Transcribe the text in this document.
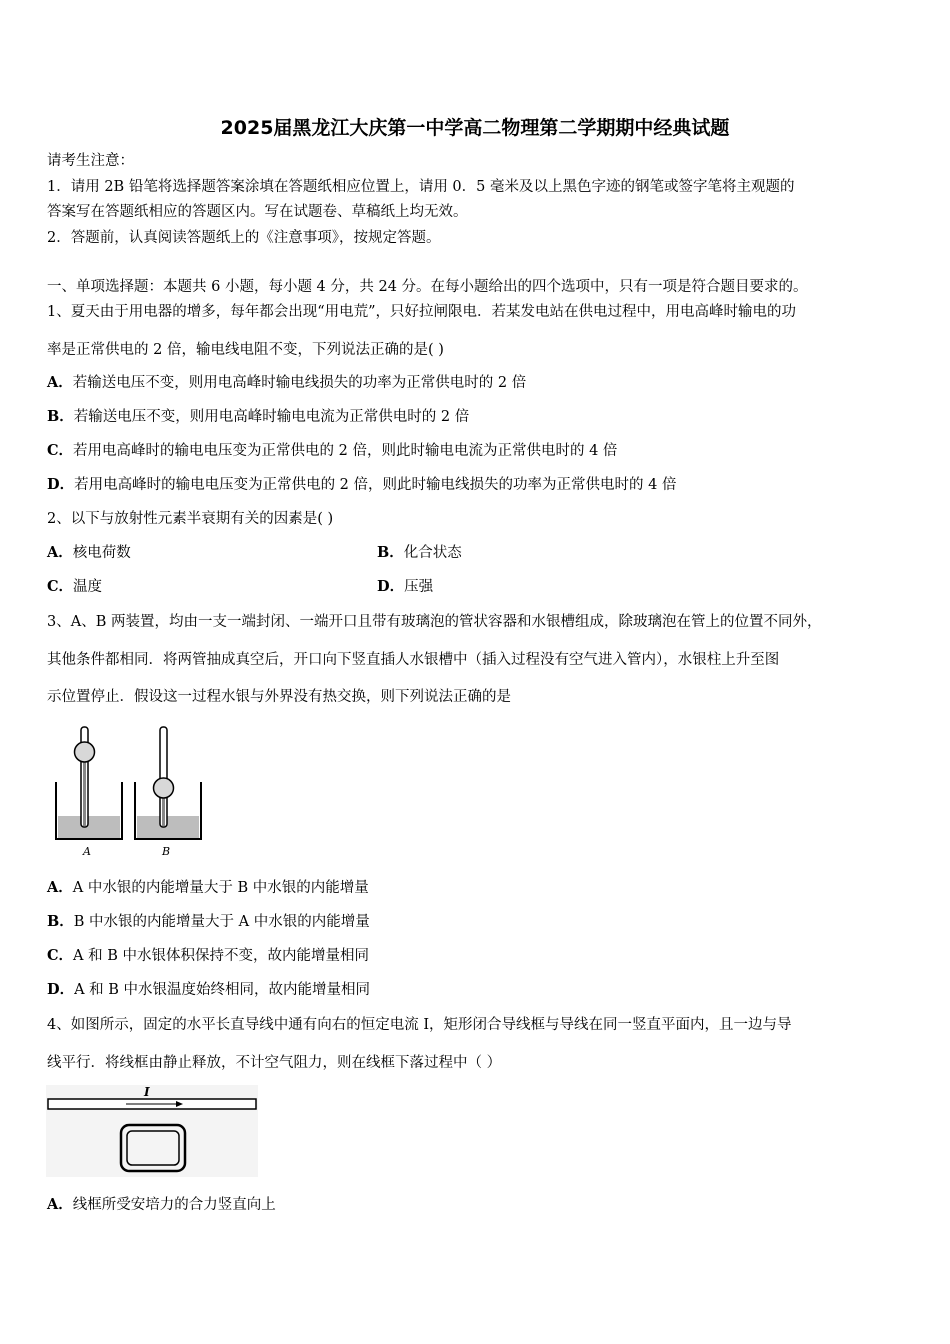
2025届黑龙江大庆第一中学高二物理第二学期期中经典试题
请考生注意：
1．请用 2B 铅笔将选择题答案涂填在答题纸相应位置上，请用 0．5 毫米及以上黑色字迹的钢笔或签字笔将主观题的
答案写在答题纸相应的答题区内。写在试题卷、草稿纸上均无效。
2．答题前，认真阅读答题纸上的《注意事项》，按规定答题。
一、单项选择题：本题共 6 小题，每小题 4 分，共 24 分。在每小题给出的四个选项中，只有一项是符合题目要求的。
1、夏天由于用电器的增多，每年都会出现“用电荒”，只好拉闸限电．若某发电站在供电过程中，用电高峰时输电的功
率是正常供电的 2 倍，输电线电阻不变，下列说法正确的是( )
A．若输送电压不变，则用电高峰时输电线损失的功率为正常供电时的 2 倍
B．若输送电压不变，则用电高峰时输电电流为正常供电时的 2 倍
C．若用电高峰时的输电电压变为正常供电的 2 倍，则此时输电电流为正常供电时的 4 倍
D．若用电高峰时的输电电压变为正常供电的 2 倍，则此时输电线损失的功率为正常供电时的 4 倍
2、以下与放射性元素半衰期有关的因素是( )
A．核电荷数	B．化合状态
C．温度	D．压强
3、A、B 两装置，均由一支一端封闭、一端开口且带有玻璃泡的管状容器和水银槽组成，除玻璃泡在管上的位置不同外，
其他条件都相同．将两管抽成真空后，开口向下竖直插人水银槽中（插入过程没有空气进入管内），水银柱上升至图
示位置停止．假设这一过程水银与外界没有热交换，则下列说法正确的是
A	B
A．A 中水银的内能增量大于 B 中水银的内能增量
B．B 中水银的内能增量大于 A 中水银的内能增量
C．A 和 B 中水银体积保持不变，故内能增量相同
D．A 和 B 中水银温度始终相同，故内能增量相同
4、如图所示，固定的水平长直导线中通有向右的恒定电流 I，矩形闭合导线框与导线在同一竖直平面内，且一边与导
线平行．将线框由静止释放，不计空气阻力，则在线框下落过程中（ ）
I
A．线框所受安培力的合力竖直向上
